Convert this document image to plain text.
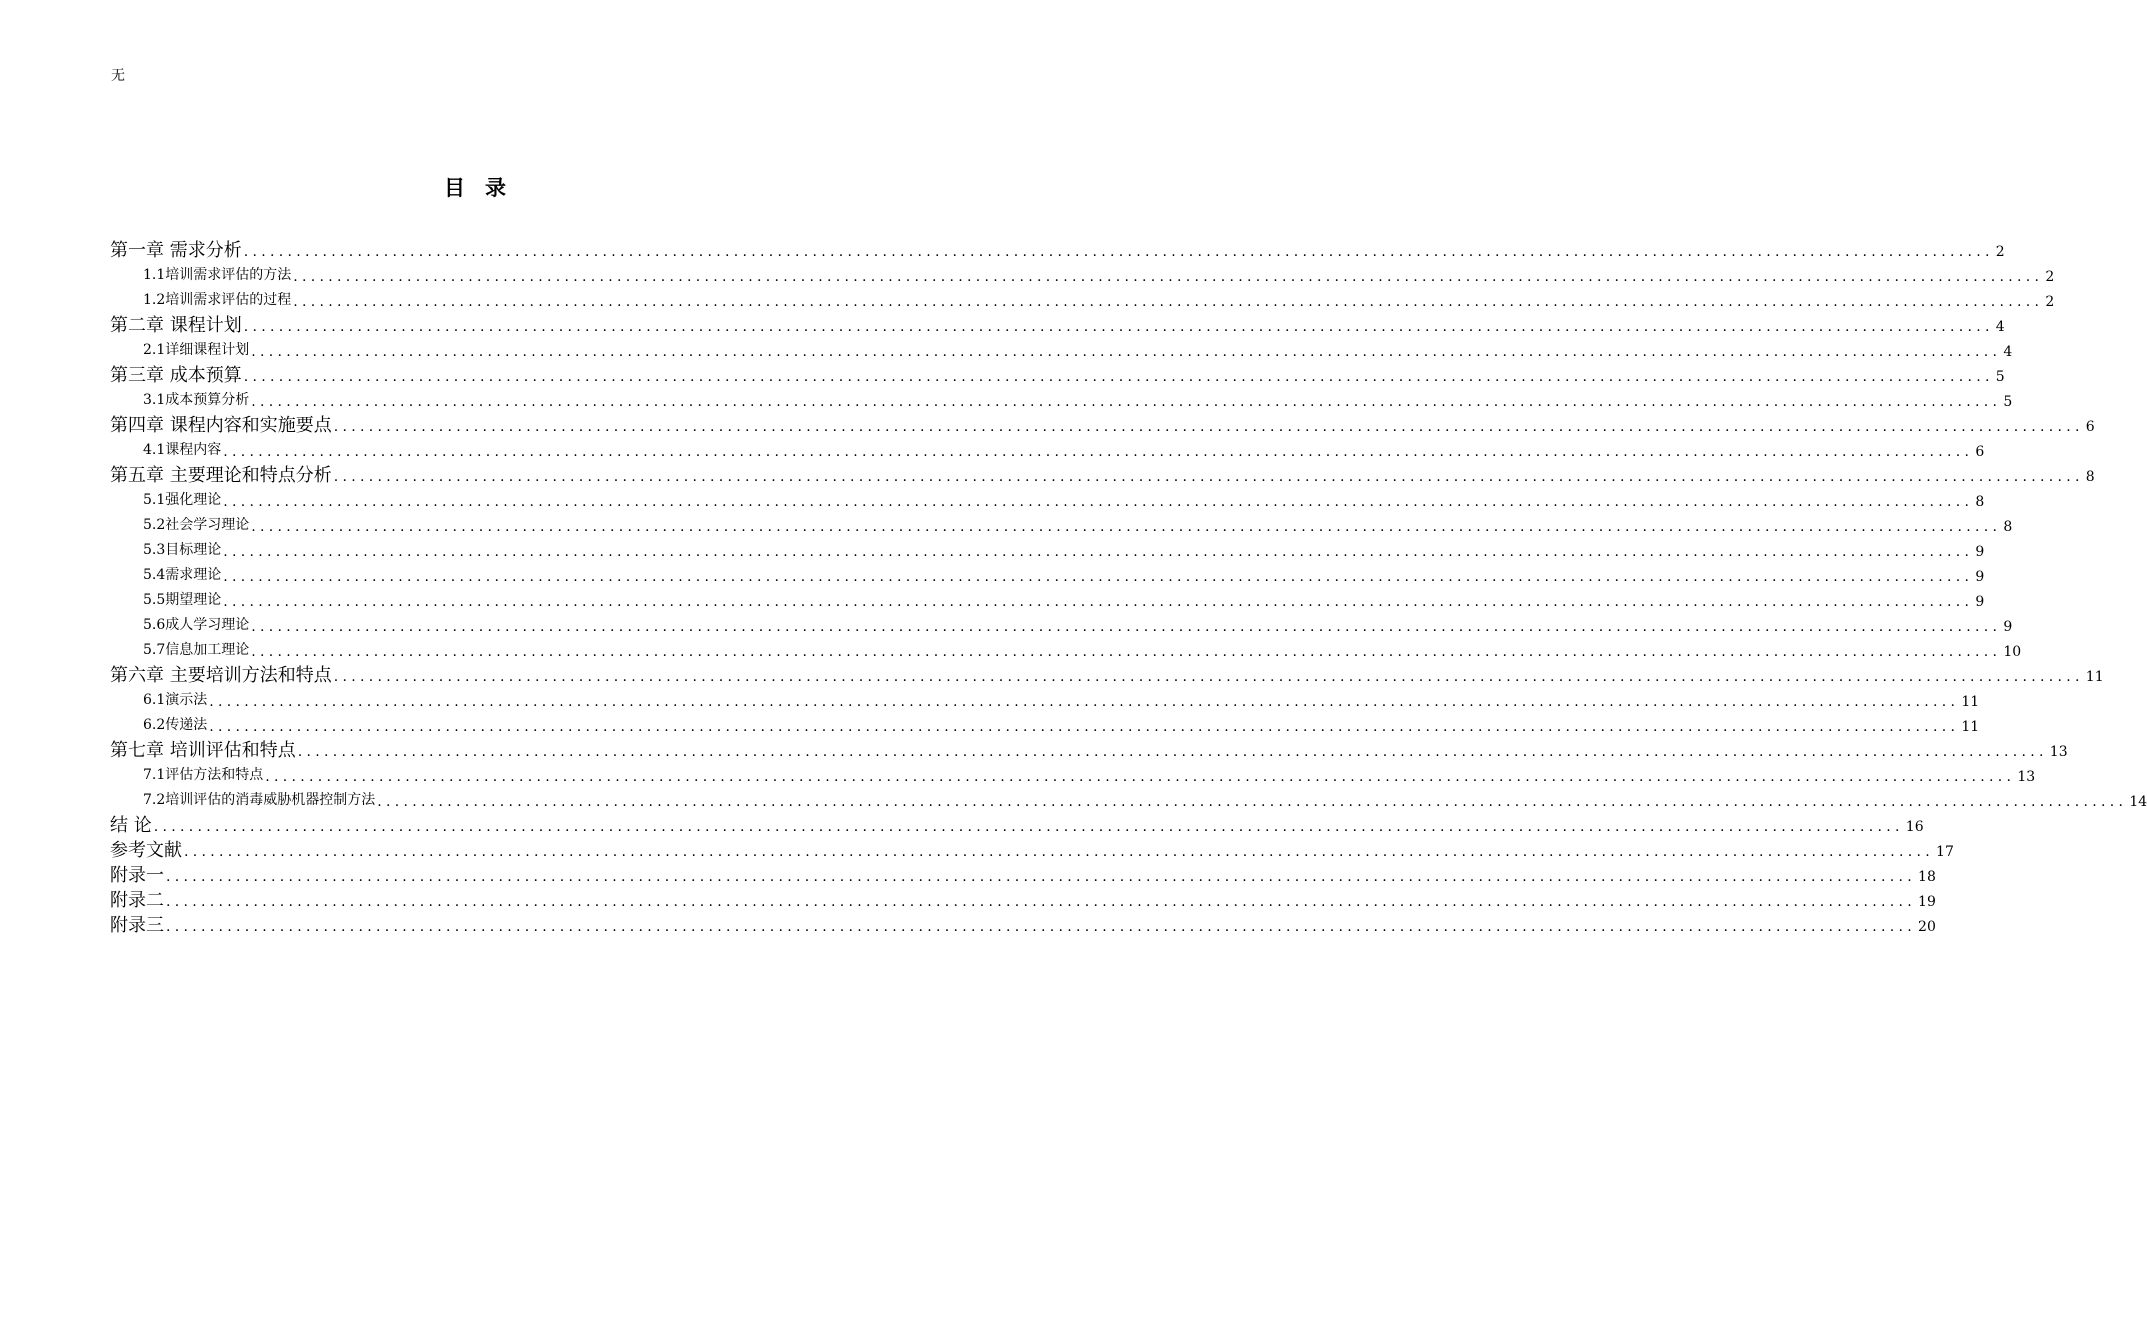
无
目录
第一章 需求分析 ........................................................................................................................................................................................................ 2
1.1培训需求评估的方法 ........................................................................................................................................................................................................ 2
1.2培训需求评估的过程 ........................................................................................................................................................................................................ 2
第二章 课程计划 ........................................................................................................................................................................................................ 4
2.1详细课程计划 ........................................................................................................................................................................................................ 4
第三章 成本预算 ........................................................................................................................................................................................................ 5
3.1成本预算分析 ........................................................................................................................................................................................................ 5
第四章 课程内容和实施要点 ........................................................................................................................................................................................................ 6
4.1课程内容 ........................................................................................................................................................................................................ 6
第五章 主要理论和特点分析 ........................................................................................................................................................................................................ 8
5.1强化理论 ........................................................................................................................................................................................................ 8
5.2社会学习理论 ........................................................................................................................................................................................................ 8
5.3目标理论 ........................................................................................................................................................................................................ 9
5.4需求理论 ........................................................................................................................................................................................................ 9
5.5期望理论 ........................................................................................................................................................................................................ 9
5.6成人学习理论 ........................................................................................................................................................................................................ 9
5.7信息加工理论 ........................................................................................................................................................................................................ 10
第六章 主要培训方法和特点 ........................................................................................................................................................................................................ 11
6.1演示法 ........................................................................................................................................................................................................ 11
6.2传递法 ........................................................................................................................................................................................................ 11
第七章 培训评估和特点 ........................................................................................................................................................................................................ 13
7.1评估方法和特点 ........................................................................................................................................................................................................ 13
7.2培训评估的消毒威胁机器控制方法 ........................................................................................................................................................................................................ 14
结 论 ........................................................................................................................................................................................................ 16
参考文献 ........................................................................................................................................................................................................ 17
附录一 ........................................................................................................................................................................................................ 18
附录二 ........................................................................................................................................................................................................ 19
附录三 ........................................................................................................................................................................................................ 20
